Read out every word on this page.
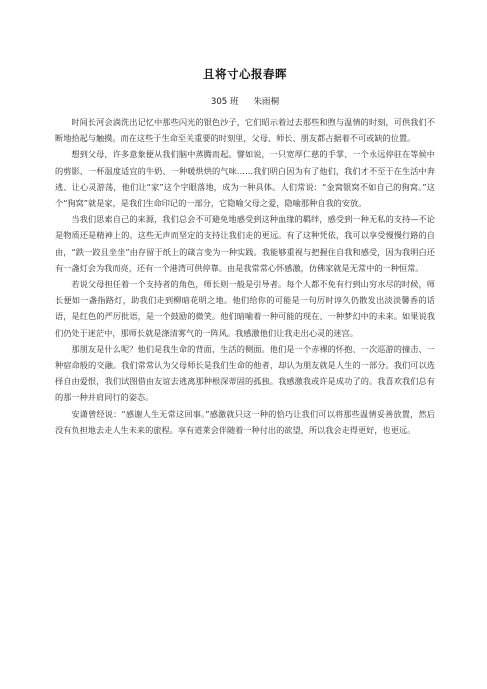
且将寸心报春晖
305 班 朱雨桐

时间长河会淌洗出记忆中那些闪光的银色沙子，它们昭示着过去那些和煦与温情的时刻，可供我们不断地拾起与触摸。而在这些于生命至关重要的时刻里，父母、师长、朋友都占据着不可或缺的位置。

想到父母，许多意象便从我们脑中蒸腾而起。譬如说，一只宽厚仁慈的手掌、一个永远停驻在等候中的剪影、一杯温度适宜的牛奶、一种暖烘烘的气味……我们明白因为有了他们，我们才不至于在生活中奔逃、让心灵游荡，他们让“家”这个字眼落地，成为一种具体。人们常说：“金窝银窝不如自己的狗窝。”这个“狗窝”就是家，是我们生命印记的一部分，它隐喻父母之爱，隐喻那种自我的安放。

当我们思索自己的来源，我们总会不可避免地感受到这种血缘的羁绊，感受到一种无私的支持—不论是物质还是精神上的。这些无声而坚定的支持让我们走的更远。有了这种凭依，我可以享受慢慢行路的自由，“跌一跤且坐坐”由存留于纸上的箴言变为一种实践。我能够重视与把握住自我和感受，因为我明白还有一盏灯会为我而亮，还有一个港湾可供停靠。由是我常常心怀感激，仿佛家就是无常中的一种恒常。

若说父母担任着一个支持者的角色，师长则一般是引导者。每个人都不免有行到山穷水尽的时候，师长便如一盏指路灯，助我们走到柳暗花明之地。他们给你的可能是一句厉时谆久仍散发出淡淡馨香的话语，是红色的严厉批语，是一个鼓励的微笑。他们暗喻着一种可能的现在、一种梦幻中的未来。如果说我们仍处于迷茫中，那师长就是涤清雾气的一阵风。我感激他们让我走出心灵的迷宫。

那朋友是什么呢？他们是我生命的背面，生活的侧面。他们是一个赤裸的怀抱、一次巡游的撞击、一种宿命般的交融。我们常常认为父母师长是我们生命的他者，却认为朋友就是人生的一部分。我们可以选择自由爱恨，我们试图借由友谊去逃离那种根深蒂固的孤独。我感激我或许是成功了的。我喜欢我们总有的那一种并肩同行的姿态。

安潇曾经说：“感谢人生无常这回事。”感激就只这一种的恰巧让我们可以将那些温情妥善放置，然后没有负担地去走人生未来的旅程。享有道莱会伴随着一种付出的欲望，所以我会走得更好，也更远。
